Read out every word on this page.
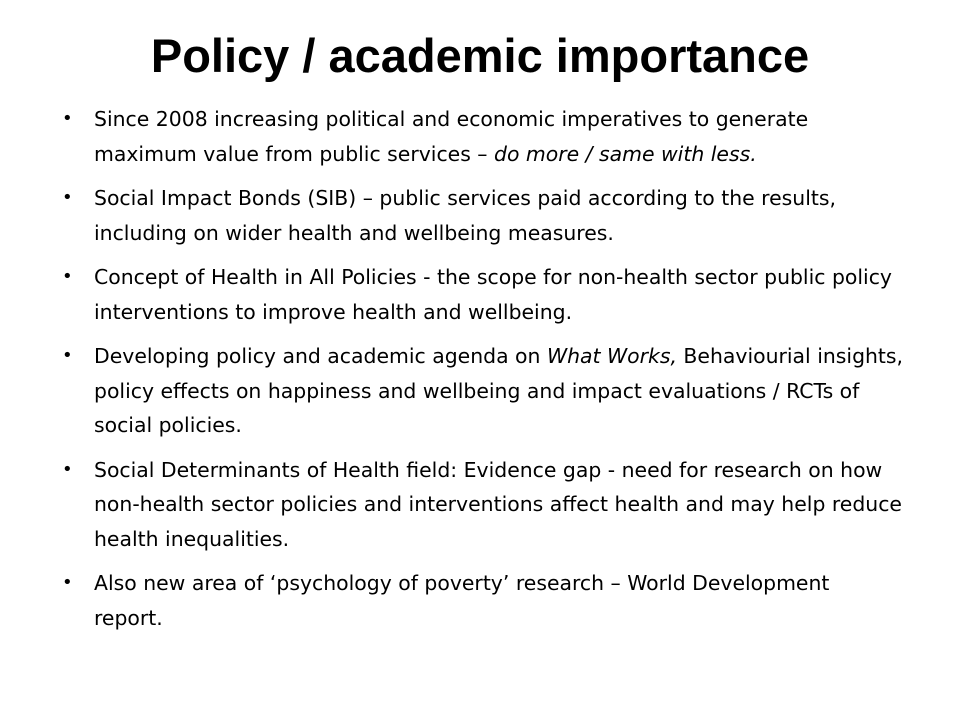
Policy / academic importance
• Since 2008 increasing political and economic imperatives to generate maximum value from public services – do more / same with less.
• Social Impact Bonds (SIB) – public services paid according to the results, including on wider health and wellbeing measures.
• Concept of Health in All Policies - the scope for non-health sector public policy interventions to improve health and wellbeing.
• Developing policy and academic agenda on What Works, Behaviourial insights, policy effects on happiness and wellbeing and impact evaluations / RCTs of social policies.
• Social Determinants of Health field: Evidence gap - need for research on how non-health sector policies and interventions affect health and may help reduce health inequalities.
• Also new area of ‘psychology of poverty’ research – World Development report.
